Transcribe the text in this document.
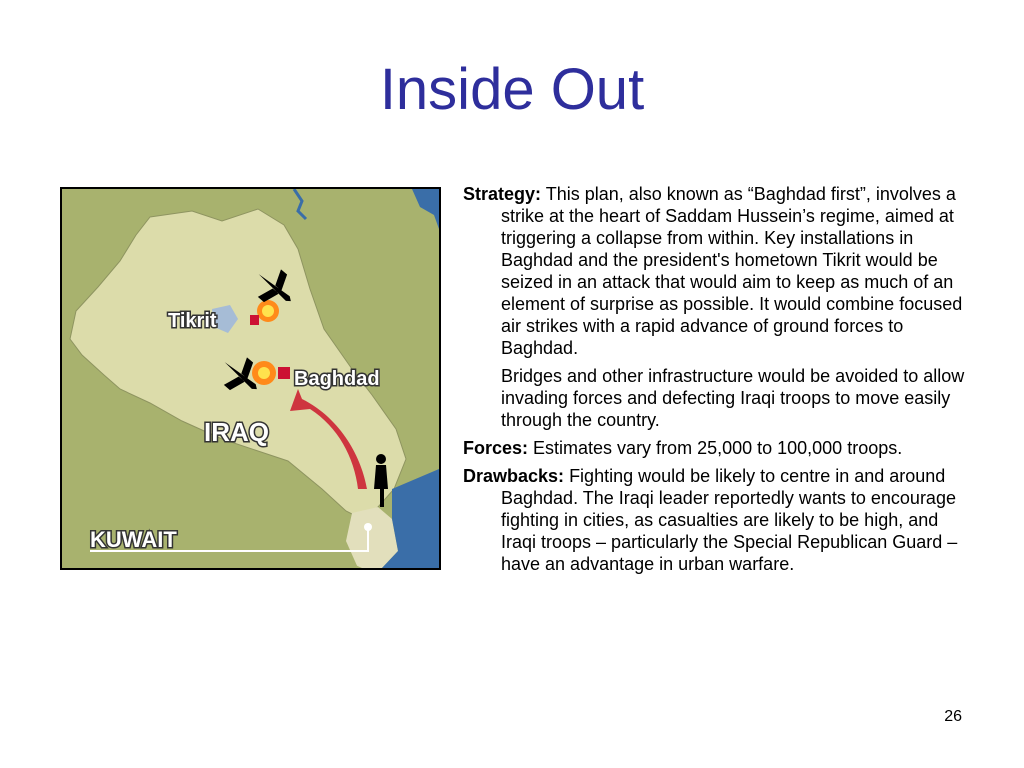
Inside Out
Tikrit
Baghdad
IRAQ
KUWAIT

Strategy: This plan, also known as “Baghdad first”, involves a strike at the heart of Saddam Hussein’s regime, aimed at triggering a collapse from within. Key installations in Baghdad and the president's hometown Tikrit would be seized in an attack that would aim to keep as much of an element of surprise as possible. It would combine focused air strikes with a rapid advance of ground forces to Baghdad.

Bridges and other infrastructure would be avoided to allow invading forces and defecting Iraqi troops to move easily through the country.

Forces: Estimates vary from 25,000 to 100,000 troops.

Drawbacks: Fighting would be likely to centre in and around Baghdad. The Iraqi leader reportedly wants to encourage fighting in cities, as casualties are likely to be high, and Iraqi troops – particularly the Special Republican Guard – have an advantage in urban warfare.

26
